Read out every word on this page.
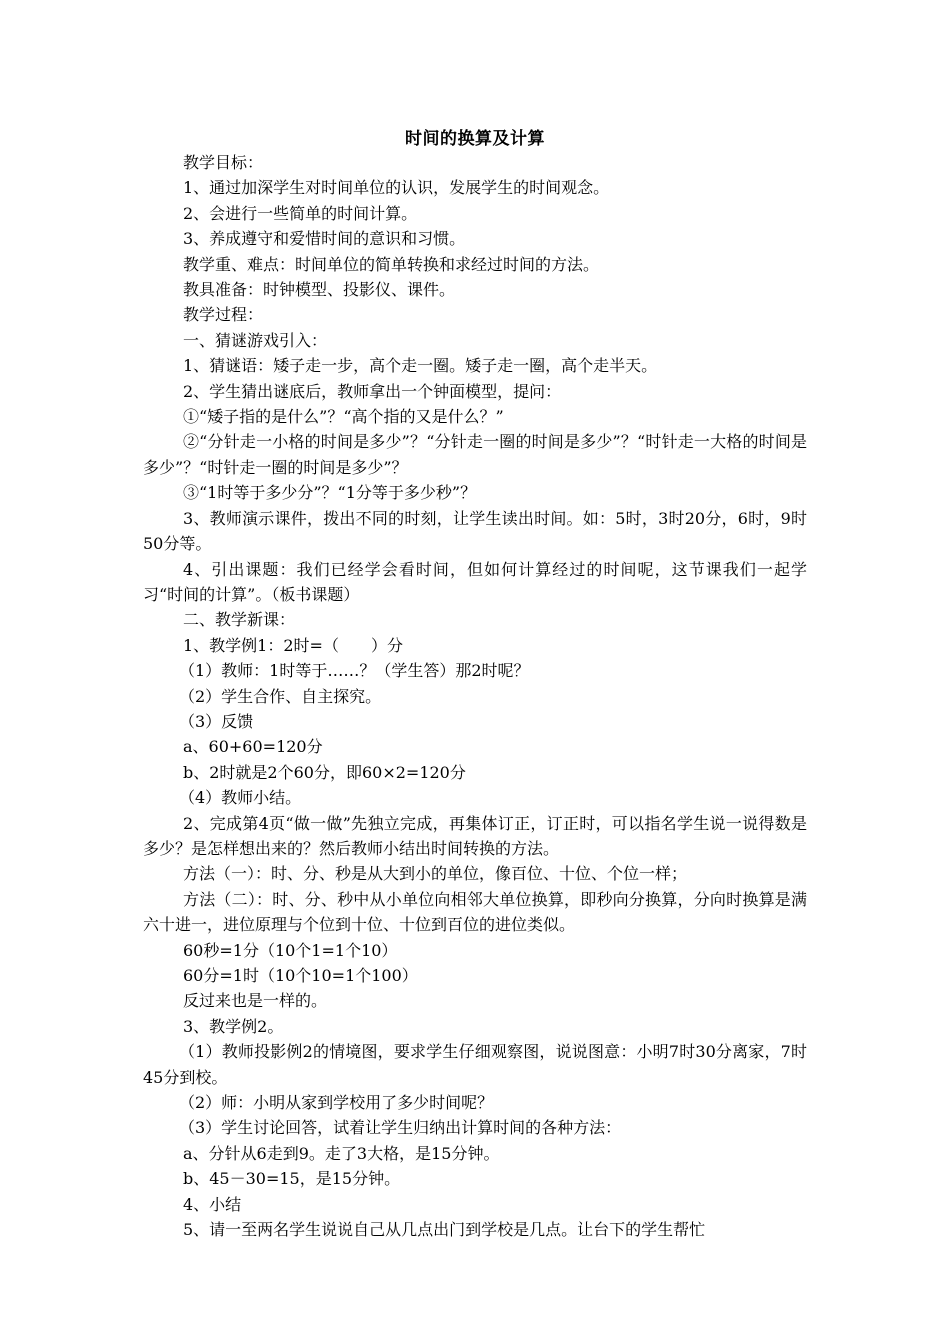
时间的换算及计算

教学目标：

1、通过加深学生对时间单位的认识，发展学生的时间观念。

2、会进行一些简单的时间计算。

3、养成遵守和爱惜时间的意识和习惯。

教学重、难点：时间单位的简单转换和求经过时间的方法。

教具准备：时钟模型、投影仪、课件。

教学过程：

一、猜谜游戏引入：

1、猜谜语：矮子走一步，高个走一圈。矮子走一圈，高个走半天。

2、学生猜出谜底后，教师拿出一个钟面模型，提问：

①“矮子指的是什么”？“高个指的又是什么？”

②“分针走一小格的时间是多少”？“分针走一圈的时间是多少”？“时针走一大格的时间是多少”？“时针走一圈的时间是多少”？

③“1时等于多少分”？“1分等于多少秒”？

3、教师演示课件，拨出不同的时刻，让学生读出时间。如：5时，3时20分，6时，9时50分等。

4、引出课题：我们已经学会看时间，但如何计算经过的时间呢，这节课我们一起学习“时间的计算”。（板书课题）

二、教学新课：

1、教学例1：2时=（　　）分

（1）教师：1时等于……？（学生答）那2时呢？

（2）学生合作、自主探究。

（3）反馈

a、60+60=120分

b、2时就是2个60分，即60×2=120分

（4）教师小结。

2、完成第4页“做一做”先独立完成，再集体订正，订正时，可以指名学生说一说得数是多少？是怎样想出来的？然后教师小结出时间转换的方法。

方法（一）：时、分、秒是从大到小的单位，像百位、十位、个位一样；

方法（二）：时、分、秒中从小单位向相邻大单位换算，即秒向分换算，分向时换算是满六十进一，进位原理与个位到十位、十位到百位的进位类似。

60秒=1分（10个1=1个10）

60分=1时（10个10=1个100）

反过来也是一样的。

3、教学例2。

（1）教师投影例2的情境图，要求学生仔细观察图，说说图意：小明7时30分离家，7时45分到校。

（2）师：小明从家到学校用了多少时间呢？

（3）学生讨论回答，试着让学生归纳出计算时间的各种方法：

a、分针从6走到9。走了3大格，是15分钟。

b、45－30=15，是15分钟。

4、小结

5、请一至两名学生说说自己从几点出门到学校是几点。让台下的学生帮忙
